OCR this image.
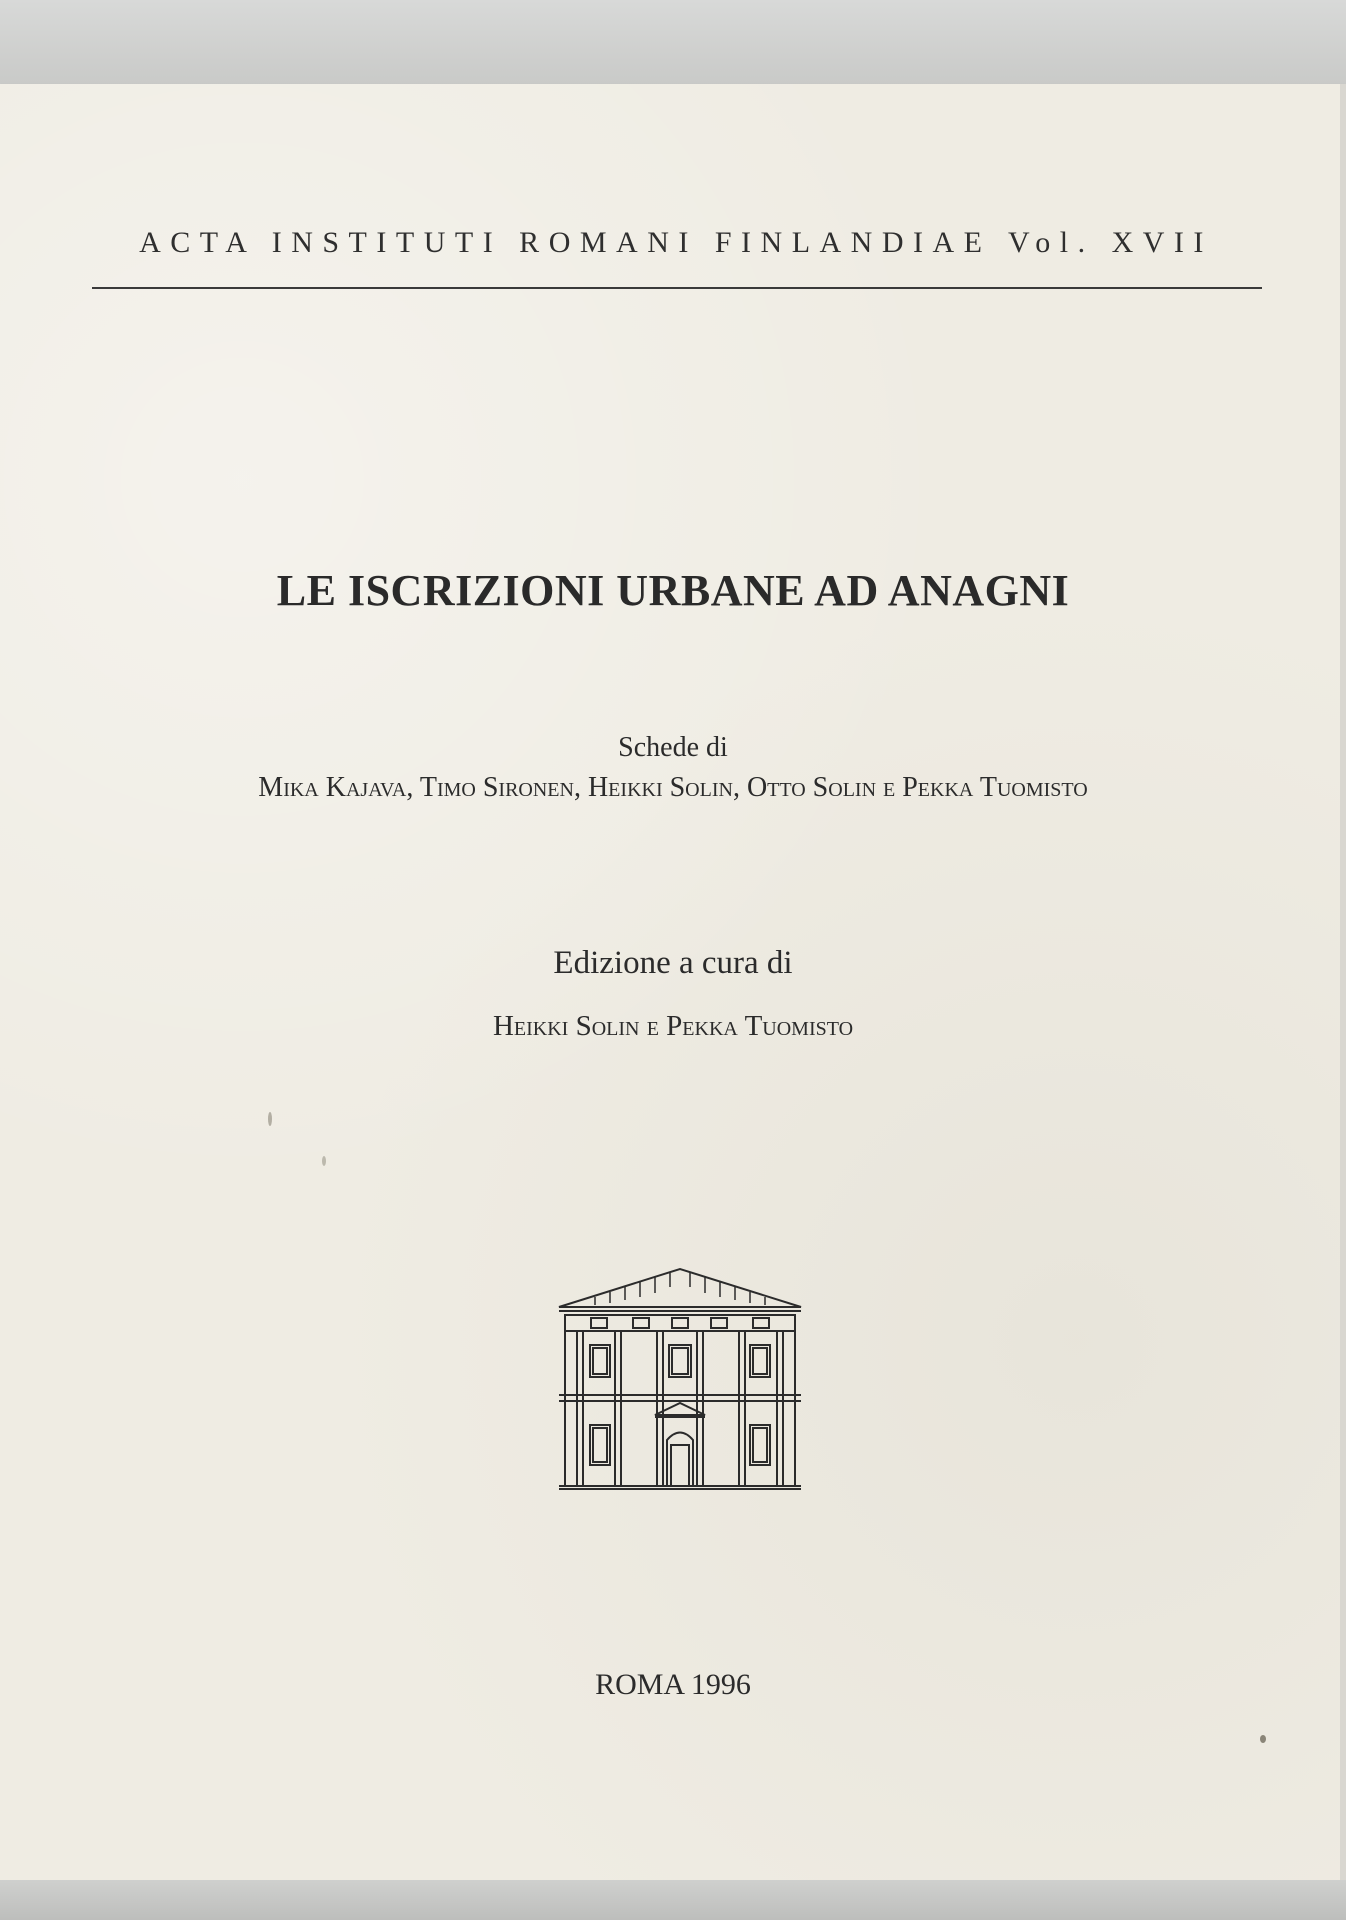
ACTA INSTITUTI ROMANI FINLANDIAE Vol. XVII
LE ISCRIZIONI URBANE AD ANAGNI
Schede di
Mika Kajava, Timo Sironen, Heikki Solin, Otto Solin e Pekka Tuomisto
Edizione a cura di
Heikki Solin e Pekka Tuomisto
ROMA 1996
